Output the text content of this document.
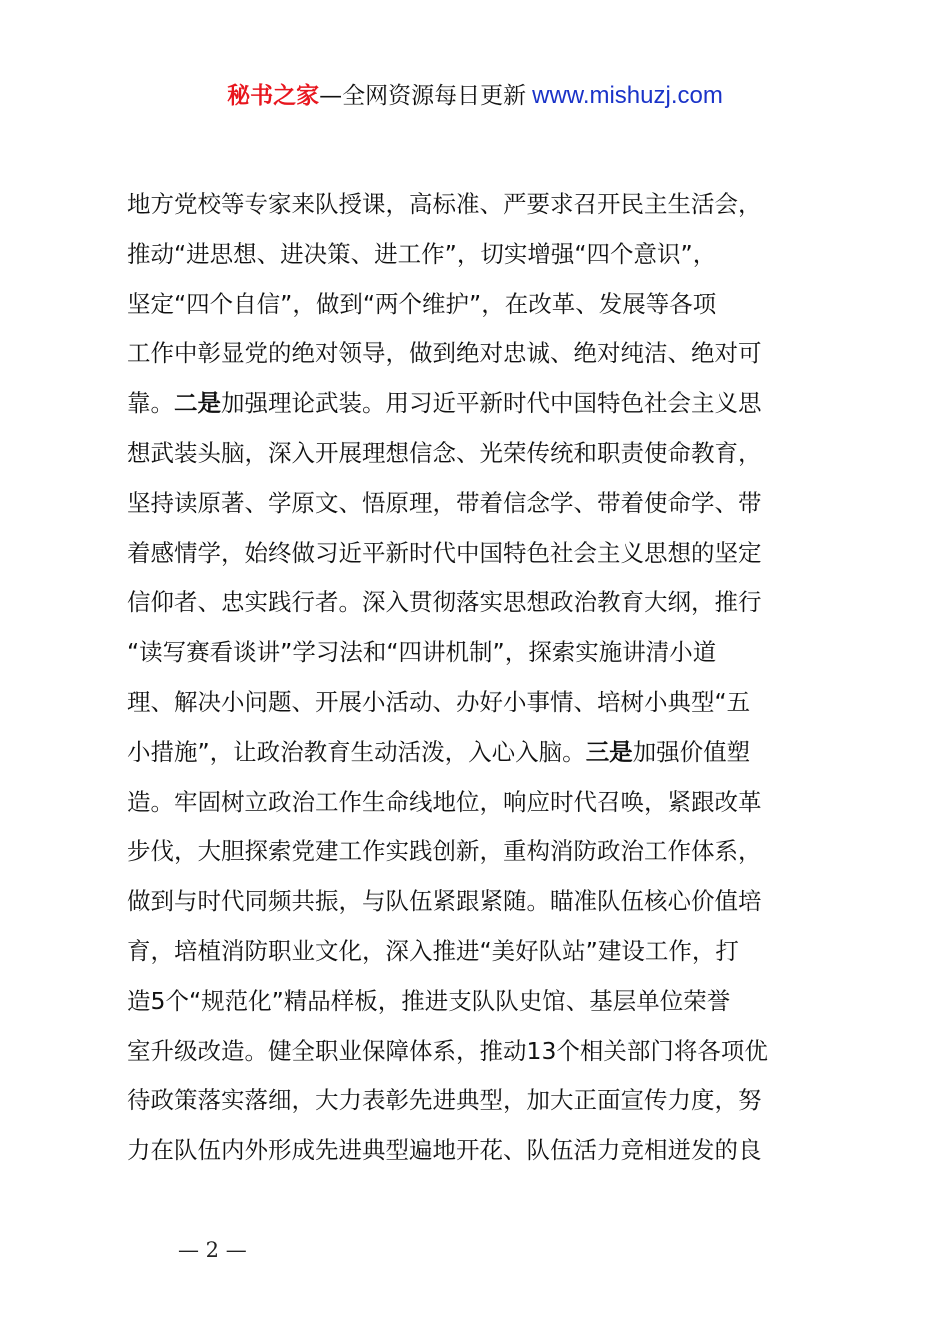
秘书之家—全网资源每日更新 www.mishuzj.com
地方党校等专家来队授课，高标准、严要求召开民主生活会，
推动“进思想、进决策、进工作”，切实增强“四个意识”，
坚定“四个自信”，做到“两个维护”，在改革、发展等各项
工作中彰显党的绝对领导，做到绝对忠诚、绝对纯洁、绝对可
靠。二是加强理论武装。用习近平新时代中国特色社会主义思
想武装头脑，深入开展理想信念、光荣传统和职责使命教育，
坚持读原著、学原文、悟原理，带着信念学、带着使命学、带
着感情学，始终做习近平新时代中国特色社会主义思想的坚定
信仰者、忠实践行者。深入贯彻落实思想政治教育大纲，推行
“读写赛看谈讲”学习法和“四讲机制”，探索实施讲清小道
理、解决小问题、开展小活动、办好小事情、培树小典型“五
小措施”，让政治教育生动活泼，入心入脑。三是加强价值塑
造。牢固树立政治工作生命线地位，响应时代召唤，紧跟改革
步伐，大胆探索党建工作实践创新，重构消防政治工作体系，
做到与时代同频共振，与队伍紧跟紧随。瞄准队伍核心价值培
育，培植消防职业文化，深入推进“美好队站”建设工作，打
造5个“规范化”精品样板，推进支队队史馆、基层单位荣誉
室升级改造。健全职业保障体系，推动13个相关部门将各项优
待政策落实落细，大力表彰先进典型，加大正面宣传力度，努
力在队伍内外形成先进典型遍地开花、队伍活力竞相迸发的良
— 2 —
